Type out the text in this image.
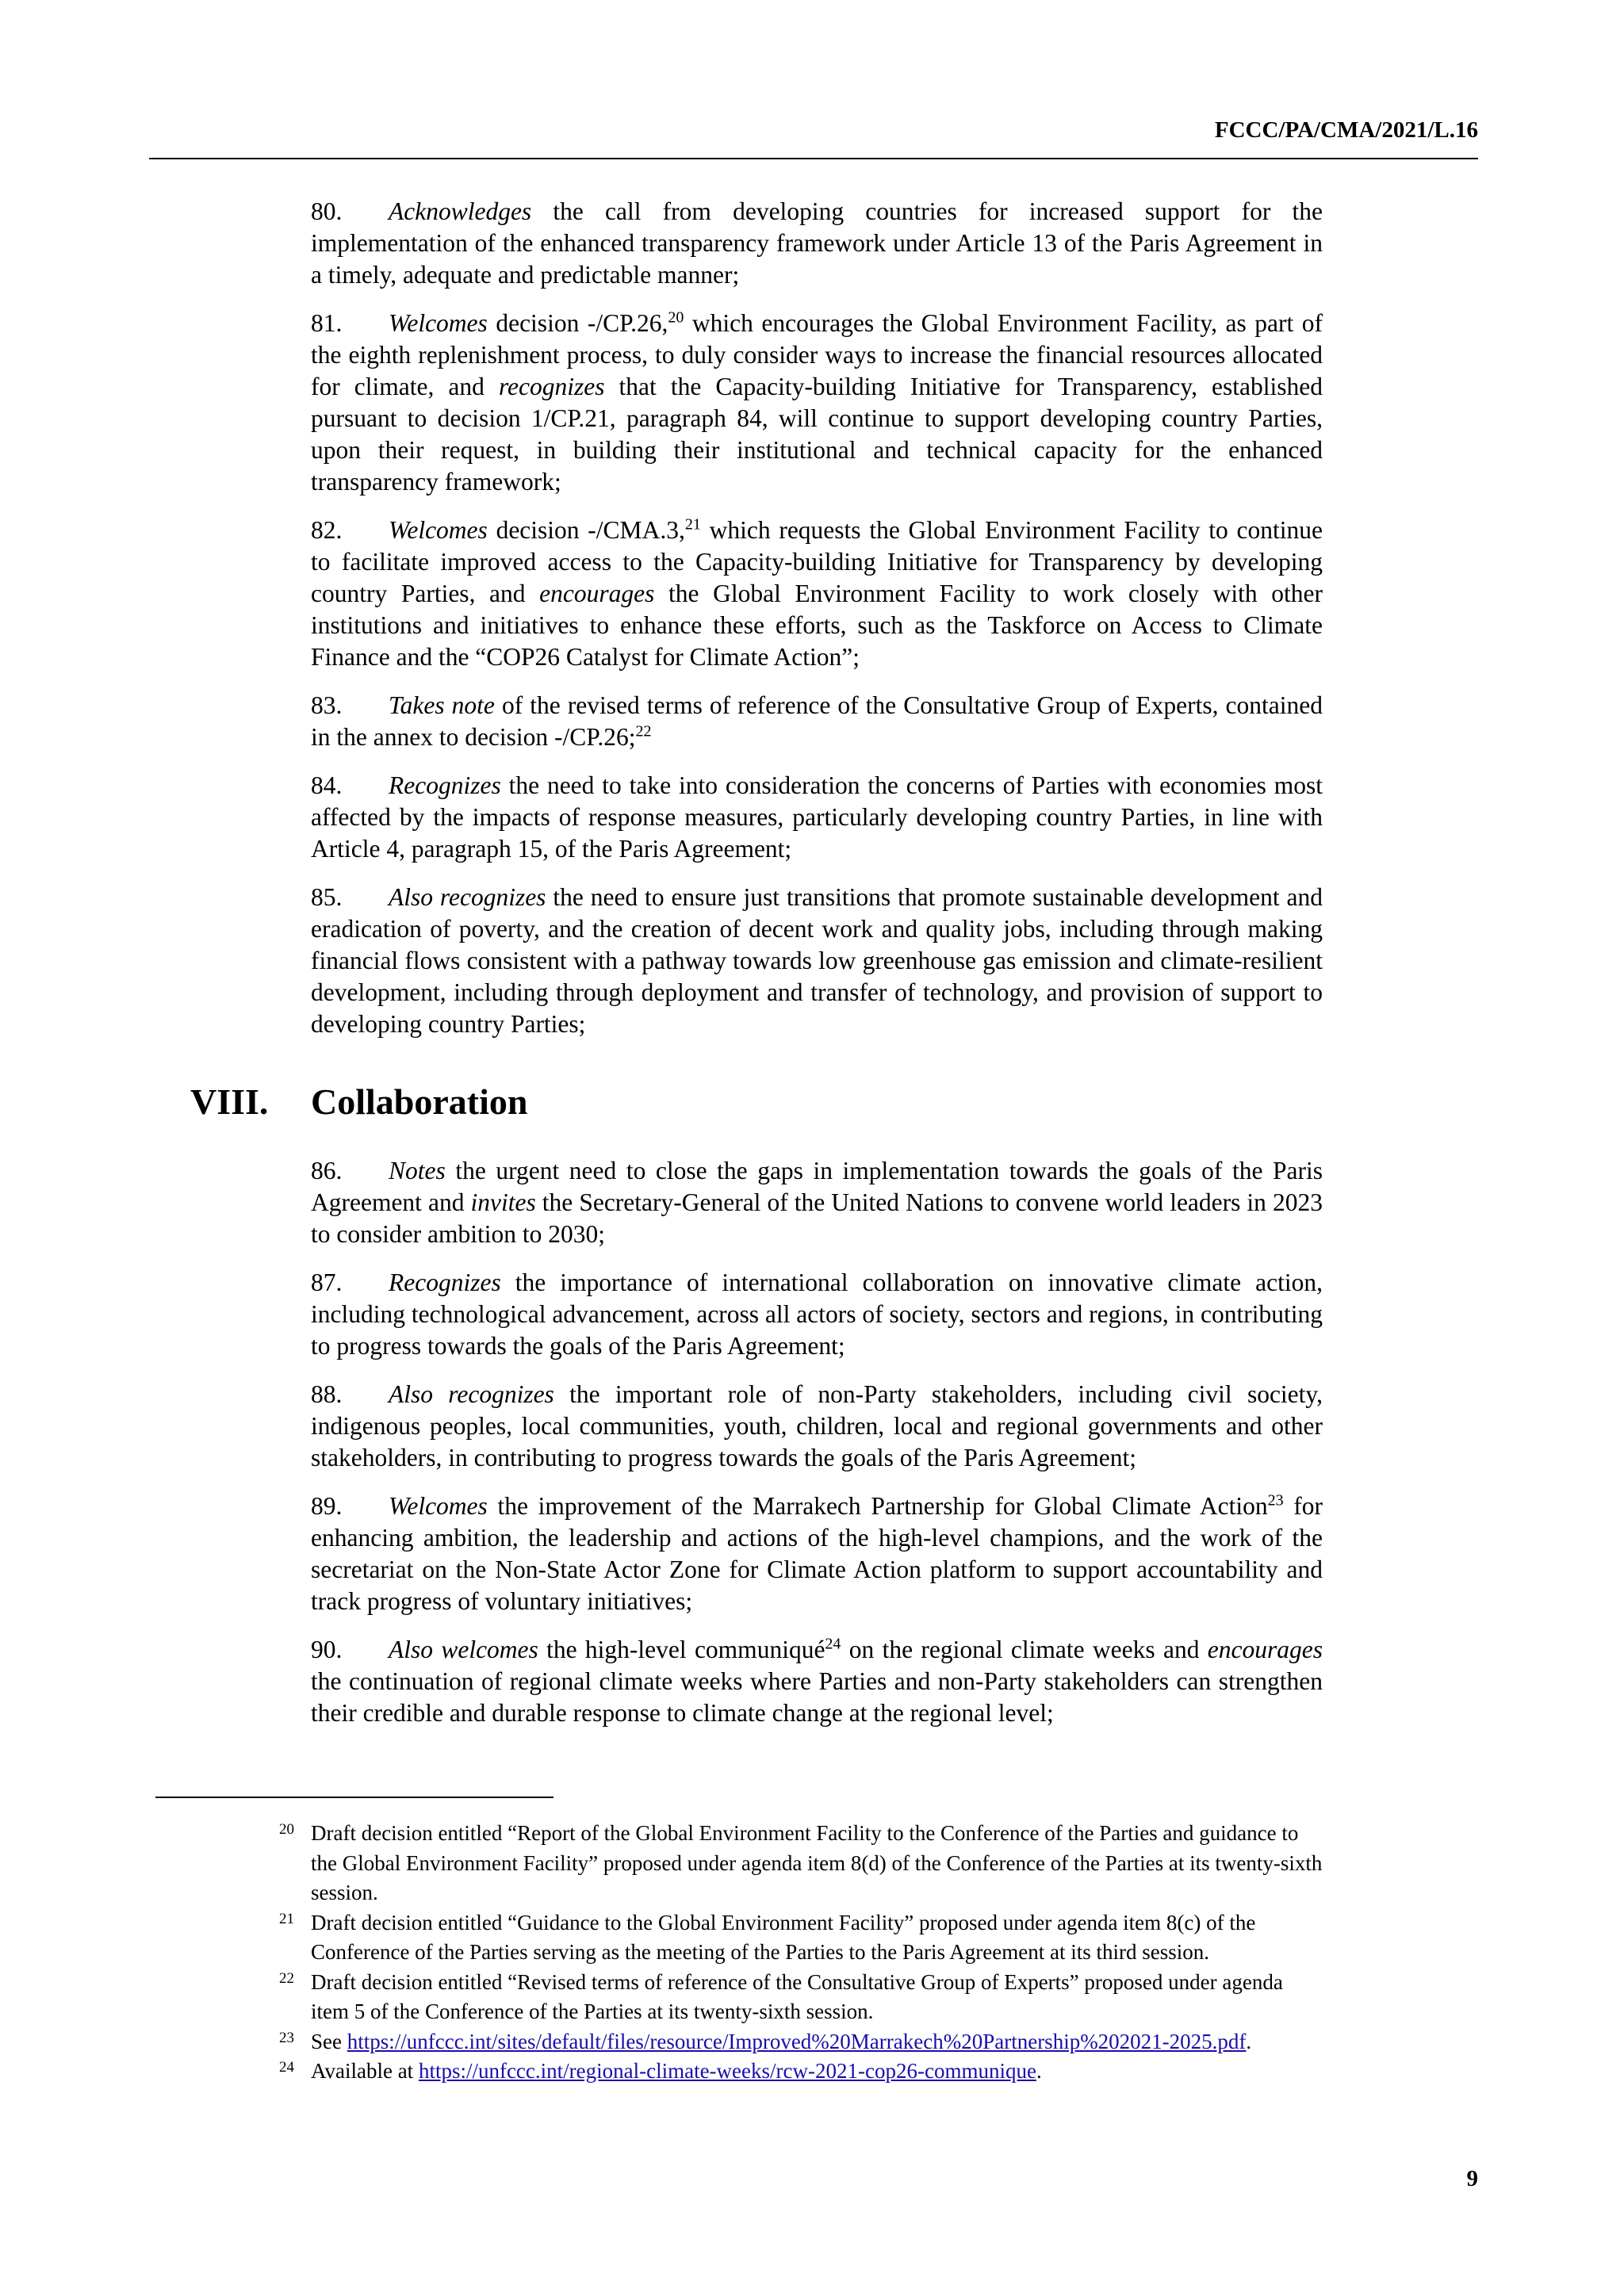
FCCC/PA/CMA/2021/L.16

80. Acknowledges the call from developing countries for increased support for the implementation of the enhanced transparency framework under Article 13 of the Paris Agreement in a timely, adequate and predictable manner;

81. Welcomes decision -/CP.26,20 which encourages the Global Environment Facility, as part of the eighth replenishment process, to duly consider ways to increase the financial resources allocated for climate, and recognizes that the Capacity-building Initiative for Transparency, established pursuant to decision 1/CP.21, paragraph 84, will continue to support developing country Parties, upon their request, in building their institutional and technical capacity for the enhanced transparency framework;

82. Welcomes decision -/CMA.3,21 which requests the Global Environment Facility to continue to facilitate improved access to the Capacity-building Initiative for Transparency by developing country Parties, and encourages the Global Environment Facility to work closely with other institutions and initiatives to enhance these efforts, such as the Taskforce on Access to Climate Finance and the “COP26 Catalyst for Climate Action”;

83. Takes note of the revised terms of reference of the Consultative Group of Experts, contained in the annex to decision -/CP.26;$^{22}$

84. Recognizes the need to take into consideration the concerns of Parties with economies most affected by the impacts of response measures, particularly developing country Parties, in line with Article 4, paragraph 15, of the Paris Agreement;

85. Also recognizes the need to ensure just transitions that promote sustainable development and eradication of poverty, and the creation of decent work and quality jobs, including through making financial flows consistent with a pathway towards low greenhouse gas emission and climate-resilient development, including through deployment and transfer of technology, and provision of support to developing country Parties;

VIII. Collaboration

86. Notes the urgent need to close the gaps in implementation towards the goals of the Paris Agreement and invites the Secretary-General of the United Nations to convene world leaders in 2023 to consider ambition to 2030;

87. Recognizes the importance of international collaboration on innovative climate action, including technological advancement, across all actors of society, sectors and regions, in contributing to progress towards the goals of the Paris Agreement;

88. Also recognizes the important role of non-Party stakeholders, including civil society, indigenous peoples, local communities, youth, children, local and regional governments and other stakeholders, in contributing to progress towards the goals of the Paris Agreement;

89. Welcomes the improvement of the Marrakech Partnership for Global Climate Action$^{23}$ for enhancing ambition, the leadership and actions of the high-level champions, and the work of the secretariat on the Non-State Actor Zone for Climate Action platform to support accountability and track progress of voluntary initiatives;

90. Also welcomes the high-level communiqué$^{24}$ on the regional climate weeks and encourages the continuation of regional climate weeks where Parties and non-Party stakeholders can strengthen their credible and durable response to climate change at the regional level;

20 Draft decision entitled “Report of the Global Environment Facility to the Conference of the Parties and guidance to the Global Environment Facility” proposed under agenda item 8(d) of the Conference of the Parties at its twenty-sixth session.

21 Draft decision entitled “Guidance to the Global Environment Facility” proposed under agenda item 8(c) of the Conference of the Parties serving as the meeting of the Parties to the Paris Agreement at its third session.

22 Draft decision entitled “Revised terms of reference of the Consultative Group of Experts” proposed under agenda item 5 of the Conference of the Parties at its twenty-sixth session.

23 See https://unfccc.int/sites/default/files/resource/Improved%20Marrakech%20Partnership%202021-2025.pdf.

24 Available at https://unfccc.int/regional-climate-weeks/rcw-2021-cop26-communique.

9
